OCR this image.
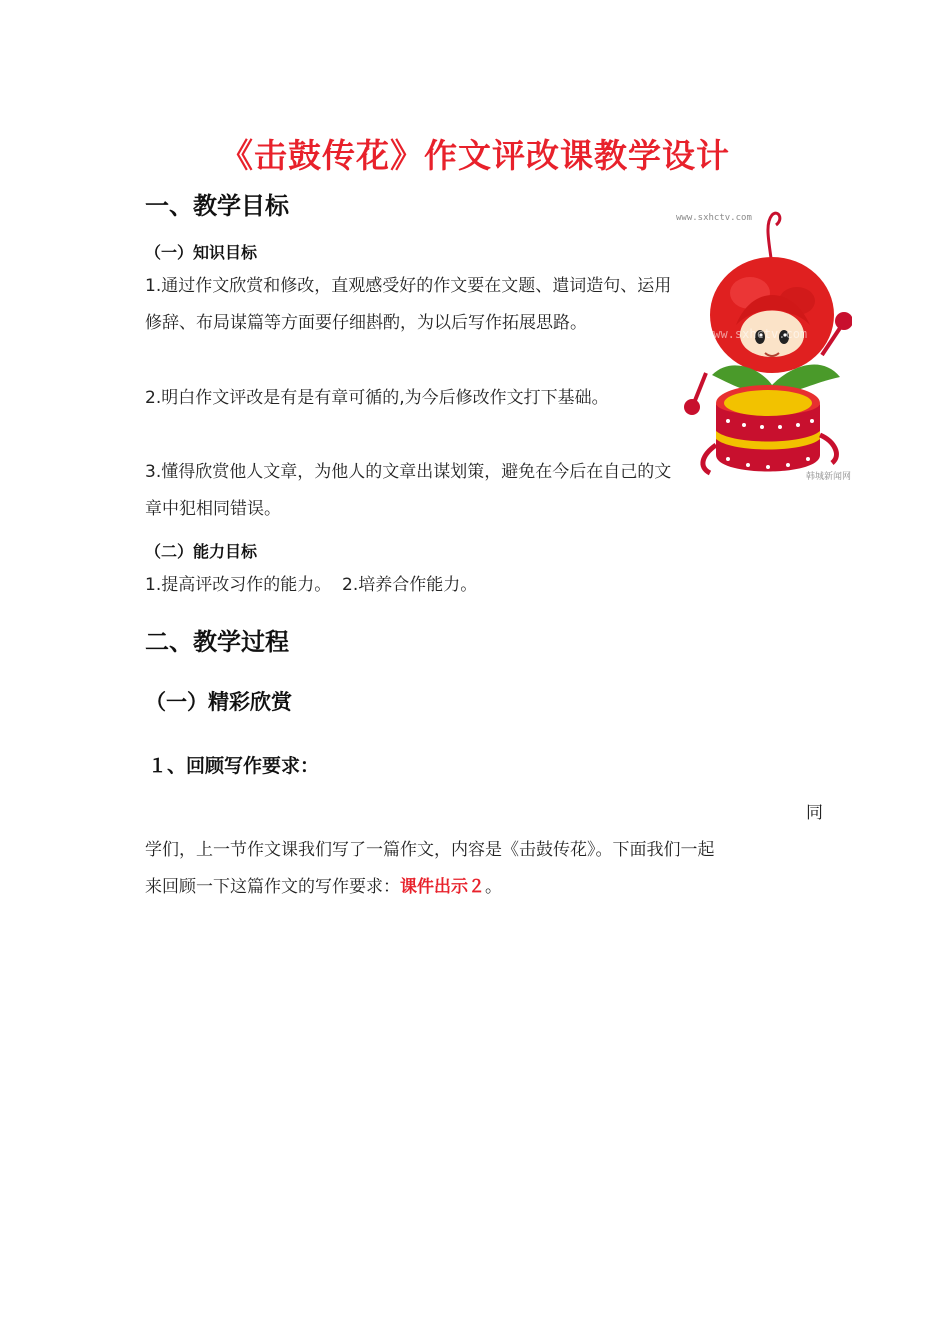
《击鼓传花》作文评改课教学设计
一、教学目标
（一）知识目标
1.通过作文欣赏和修改，直观感受好的作文要在文题、遣词造句、运用修辞、布局谋篇等方面要仔细斟酌，为以后写作拓展思路。
2.明白作文评改是有是有章可循的,为今后修改作文打下基础。
3.懂得欣赏他人文章，为他人的文章出谋划策，避免在今后在自己的文章中犯相同错误。
（二）能力目标
1.提高评改习作的能力。  2.培养合作能力。
二、教学过程
（一）精彩欣赏
１、回顾写作要求：
同
学们，上一节作文课我们写了一篇作文，内容是《击鼓传花》。下面我们一起
来回顾一下这篇作文的写作要求：课件出示２。
www.sxhctv.com
www.sxhctv.com
韩城新闻网
